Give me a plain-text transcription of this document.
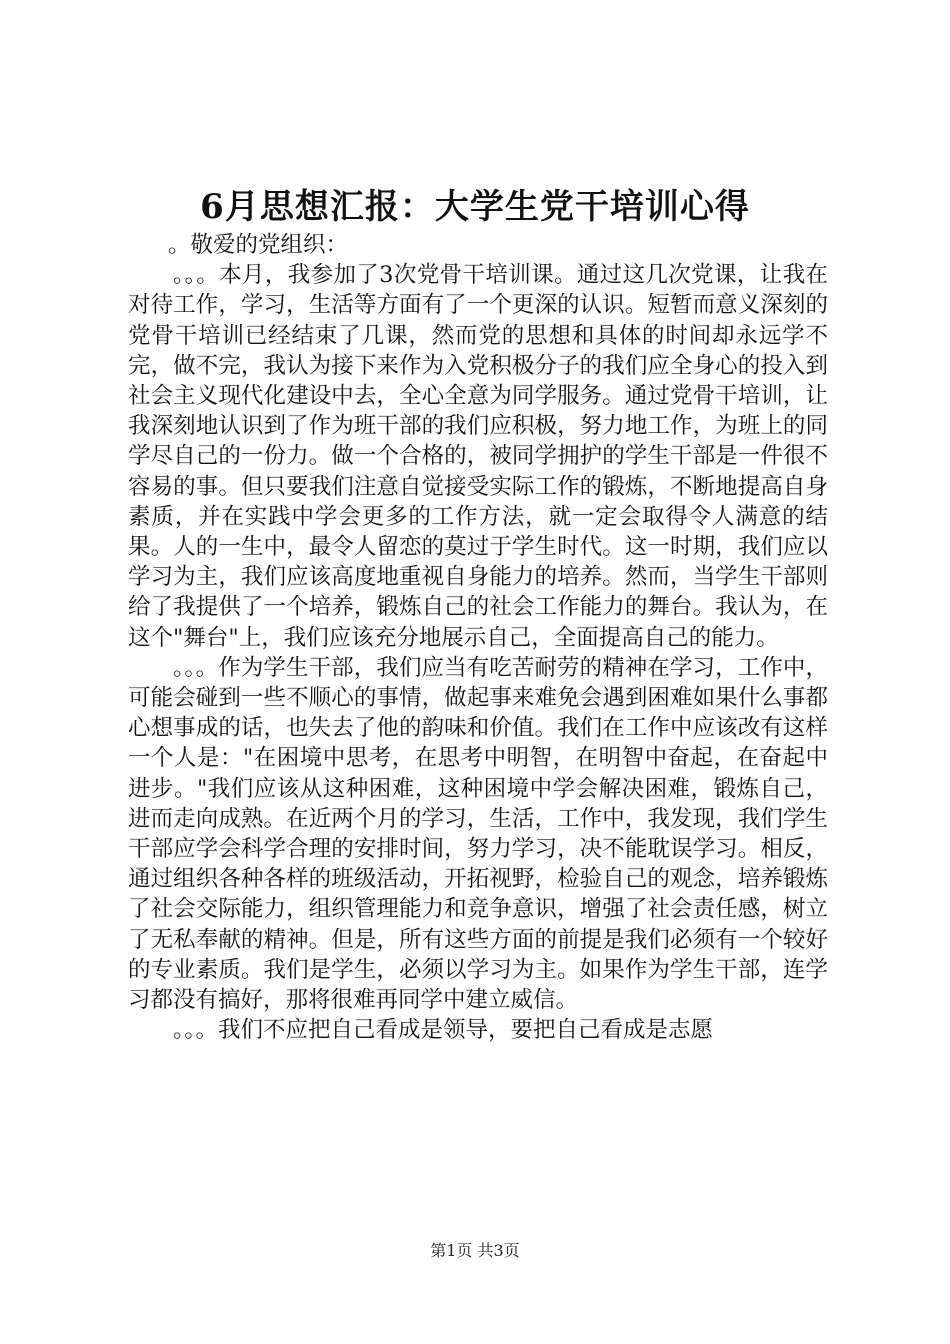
6月思想汇报：大学生党干培训心得

。敬爱的党组织：

。。。本月，我参加了3次党骨干培训课。通过这几次党课，让我在对待工作，学习，生活等方面有了一个更深的认识。短暂而意义深刻的党骨干培训已经结束了几课，然而党的思想和具体的时间却永远学不完，做不完，我认为接下来作为入党积极分子的我们应全身心的投入到社会主义现代化建设中去，全心全意为同学服务。通过党骨干培训，让我深刻地认识到了作为班干部的我们应积极，努力地工作，为班上的同学尽自己的一份力。做一个合格的，被同学拥护的学生干部是一件很不容易的事。但只要我们注意自觉接受实际工作的锻炼，不断地提高自身素质，并在实践中学会更多的工作方法，就一定会取得令人满意的结果。人的一生中，最令人留恋的莫过于学生时代。这一时期，我们应以学习为主，我们应该高度地重视自身能力的培养。然而，当学生干部则给了我提供了一个培养，锻炼自己的社会工作能力的舞台。我认为，在这个"舞台"上，我们应该充分地展示自己，全面提高自己的能力。

。。。作为学生干部，我们应当有吃苦耐劳的精神在学习，工作中，可能会碰到一些不顺心的事情，做起事来难免会遇到困难如果什么事都心想事成的话，也失去了他的韵味和价值。我们在工作中应该改有这样一个人是："在困境中思考，在思考中明智，在明智中奋起，在奋起中进步。"我们应该从这种困难，这种困境中学会解决困难，锻炼自己，进而走向成熟。在近两个月的学习，生活，工作中，我发现，我们学生干部应学会科学合理的安排时间，努力学习，决不能耽误学习。相反，通过组织各种各样的班级活动，开拓视野，检验自己的观念，培养锻炼了社会交际能力，组织管理能力和竞争意识，增强了社会责任感，树立了无私奉献的精神。但是，所有这些方面的前提是我们必须有一个较好的专业素质。我们是学生，必须以学习为主。如果作为学生干部，连学习都没有搞好，那将很难再同学中建立威信。

。。。我们不应把自己看成是领导，要把自己看成是志愿

第1页 共3页
